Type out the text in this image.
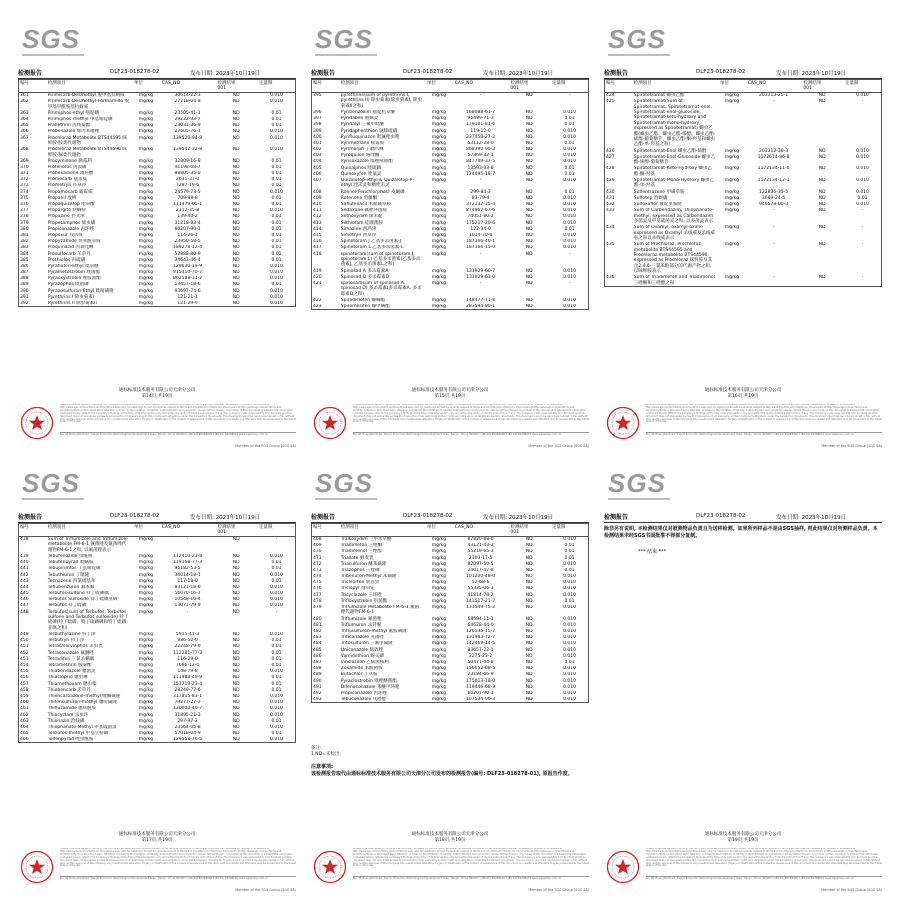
SGS
检测报告	DLF23-018278-02	发布日期: 2023年10月19日
编号	检测项目	单位	CAS_NO	检测结果
001	定量限
361	Pirimicarb-Desmethyl 脱甲基抗蚜威	mg/kg	30614-22-3	ND	0.010
362	Pirimicarb-Desmethyl-Formamido 脱甲基甲酰胺基抗蚜威	mg/kg	27218-04-8	ND	0.010
363	Pirimiphos-ethyl 嘧啶磷	mg/kg	23505-41-1	ND	0.01
364	Pirimiphos-methyl 甲基嘧啶磷	mg/kg	29232-93-7	ND	0.01
365	Prallethrin 丙炔菊酯	mg/kg	23031-36-9	ND	0.01
366	Probenazole 烯丙苯噻唑	mg/kg	27605-76-1	ND	0.010
367	Prochloraz Metabolite BTS44595 咪鲜胺-胺类代谢物	mg/kg	139520-94-8	ND	0.010
368	Prochloraz Metabolite BTS44596 咪鲜胺-脲类代谢物	mg/kg	139542-32-8	ND	0.010
369	Procymidone 腐霉利	mg/kg	32809-16-8	ND	0.01
370	Profenofos 丙溴磷	mg/kg	41198-08-7	ND	0.01
371	Prohexadione 调环酸	mg/kg	88805-35-0	ND	0.01
372	Promecarb 猛杀威	mg/kg	2631-37-0	ND	0.01
373	Prometryn 扑草净	mg/kg	7287-19-6	ND	0.01
374	Propamocarb 霜霉威	mg/kg	24579-73-5	ND	0.010
375	Propanil 敌稗	mg/kg	709-98-8	ND	0.01
376	Propaquizafop 噁草酸	mg/kg	111479-05-1	ND	0.01
377	Propargite 炔螨特	mg/kg	2312-35-8	ND	0.010
378	Propazine 扑灭津	mg/kg	139-40-2	ND	0.01
379	Propetamphos 烯虫磷	mg/kg	31218-83-4	ND	0.01
380	Propiconazole 丙环唑	mg/kg	60207-90-1	ND	0.01
381	Propoxur 残杀威	mg/kg	114-26-1	ND	0.01
382	Propyzamide 炔苯酰草胺	mg/kg	23950-58-5	ND	0.01
383	Proquinazid 丙氧喹啉	mg/kg	189278-12-4	ND	0.01
384	Prosulfocarb 苄草丹	mg/kg	52888-80-9	ND	0.01
385	Prothiofos 丙硫磷	mg/kg	34643-46-4	ND	0.01
386	Pyraflufen-Ethyl 吡草醚	mg/kg	129630-19-9	ND	0.010
387	Pyrametostrobin 唑菌酯	mg/kg	915410-70-7	ND	0.010
388	Pyraoxystrobin 唑胺菌酯	mg/kg	862588-11-2	ND	0.010
389	Pyrazophos 吡菌磷	mg/kg	13457-18-6	ND	0.01
390	Pyrazosulfuron-Ethyl 吡嘧磺隆	mg/kg	93697-74-6	ND	0.010
391	Pyrethrins I 除虫菊素I	mg/kg	121-21-1	ND	0.010
392	Pyrethrins II 除虫菊素II	mg/kg	121-29-9	ND	0.010
通标标准技术服务有限公司天津分公司
第14页,共19页
Unless otherwise agreed in writing, this document is issued by the Company subject to its General Conditions of Service printed overleaf, available on request or accessible at http://www.sgs.com/en/Terms-and-Conditions.aspx and, for electronic format documents, subject to Terms and Conditions for Electronic Documents at http://www.sgs.com/en/Terms-and-Conditions/Terms-e-Document.aspx. Attention is drawn to the limitation of liability, indemnification and jurisdiction issues defined therein. Any holder of this document is advised that information contained hereon reflects the Company's findings at the time of its intervention only and within the limits of Client's instructions, if any. The Company's sole responsibility is to its Client and this document does not exonerate parties to a transaction from exercising all their rights and obligations under the transaction documents. This document cannot be reproduced except in full, without prior written approval of the Company. Any unauthorized alteration, forgery or falsification of the content or appearance of this document is unlawful and offenders may be prosecuted to the fullest extent of the law.
No. 41 Huanghai Road, Tianjin Economic-Technological Development Area, Tianjin, China 300457 t (86-22) 65288000 f (86-22) 65288001 www.sgsgroup.com.cn
Member of the SGS Group (SGS SA)
SGS
检测报告	DLF23-018278-02	发布日期: 2023年10月19日
编号	检测项目	单位	CAS_NO	检测结果
001	定量限
395	pyrethrins(sum of pyrethrins I, pyrethrins II) 除虫菊素(除虫菊素I, 除虫菊素II之和)	mg/kg	-	ND	-
396	Pyribenzoxim 嘧啶肟草醚	mg/kg	168088-61-7	ND	0.010
397	Pyridaben 哒螨灵	mg/kg	96489-71-3	ND	0.01
398	Pyridalyl 三氟甲吡醚	mg/kg	179101-81-6	ND	0.01
399	Pyridaphenthion 哒嗪硫磷	mg/kg	119-12-0	ND	0.010
400	Pyrifluquinazon 吡氟喹虫唑	mg/kg	337458-27-2	ND	0.010
401	Pyrimethanil 嘧霉胺	mg/kg	53112-28-0	ND	0.01
402	Pyrimorph 丁吡吗啉	mg/kg	868390-90-3	ND	0.010
403	Pyroquilon 咯喹酮	mg/kg	57369-32-1	ND	0.010
404	Pyrisoxazole 吡唑嘧菌酯	mg/kg	847749-37-5	ND	0.010
405	Quinalphos 喹硫磷	mg/kg	13593-03-8	ND	0.01
406	Quinoxyfen 喹氧灵	mg/kg	124495-18-7	ND	0.01
407	Quizalofop-ethyl & Quizalofop-P-ethyl 喹禾灵和精喹禾灵	mg/kg	-	ND	0.010
408	Ronnel(Fenchlorphos) 皮蝇磷	mg/kg	299-84-3	ND	0.01
409	Rotenone 鱼藤酮	mg/kg	83-79-4	ND	0.010
410	Saflufenacil 苯嘧磺草胺	mg/kg	372137-35-4	ND	0.010
411	Sedaxane 氟唑环菌胺	mg/kg	874967-67-6	ND	0.010
412	Sethoxydim 烯禾啶	mg/kg	74051-80-2	ND	0.010
413	Silthiofam 硅噻菌胺	mg/kg	175217-20-6	ND	0.010
414	Simazine 西玛津	mg/kg	122-34-9	ND	0.01
415	Simetryn 西草净	mg/kg	1014-70-6	ND	0.010
416	Spinetoram J 乙基多杀菌素-J	mg/kg	187166-40-1	ND	0.010
417	Spinetoram L 乙基多杀菌素-L	mg/kg	187166-15-0	ND	0.010
418	spinetoram(sum of spinetoram J, spinetoram L) 乙基多杀菌素(乙基多杀菌素J, 乙基多杀菌素L之和)	mg/kg	-	ND	-
419	Spinosad A 多杀霉素A	mg/kg	131929-60-7	ND	0.010
420	Spinosad D 多杀霉素D	mg/kg	131929-63-0	ND	0.010
421	spinosad(sum of spinosad A, spinosad D) 多杀霉素(多杀霉素A, 多杀霉素D之和)	mg/kg	-	ND	-
422	Spirodiclofen 螺螨酯	mg/kg	148477-71-8	ND	0.010
423	Spiromesifen 螺甲螨酯	mg/kg	283594-90-1	ND	0.010
通标标准技术服务有限公司天津分公司
第15页,共19页
Unless otherwise agreed in writing, this document is issued by the Company subject to its General Conditions of Service printed overleaf, available on request or accessible at http://www.sgs.com/en/Terms-and-Conditions.aspx and, for electronic format documents, subject to Terms and Conditions for Electronic Documents at http://www.sgs.com/en/Terms-and-Conditions/Terms-e-Document.aspx. Attention is drawn to the limitation of liability, indemnification and jurisdiction issues defined therein. Any holder of this document is advised that information contained hereon reflects the Company's findings at the time of its intervention only and within the limits of Client's instructions, if any. The Company's sole responsibility is to its Client and this document does not exonerate parties to a transaction from exercising all their rights and obligations under the transaction documents. This document cannot be reproduced except in full, without prior written approval of the Company. Any unauthorized alteration, forgery or falsification of the content or appearance of this document is unlawful and offenders may be prosecuted to the fullest extent of the law.
No. 41 Huanghai Road, Tianjin Economic-Technological Development Area, Tianjin, China 300457 t (86-22) 65288000 f (86-22) 65288001 www.sgsgroup.com.cn
Member of the SGS Group (SGS SA)
SGS
检测报告	DLF23-018278-02	发布日期: 2023年10月19日
编号	检测项目	单位	CAS_NO	检测结果
001	定量限
424	Spirotetramat 螺虫乙酯	mg/kg	203313-25-1	ND	0.010
425	Spirotetramat(Sum of Spirotetramat, Spirotetramat-enol, Spirotetramat-enol-glucoside, Spirotetramat-keto-hydroxy and Spirotetramat-mono-hydroxy, expressed as Spirotetramat) 螺虫乙酯(螺虫乙酯、螺虫乙酯-烯醇、螺虫乙酯-烯醇-葡萄糖苷、螺虫乙酯-酮-羟基和螺虫乙酯-单-羟基之和)	mg/kg	-	ND	-
426	Spirotetramat-Enol 螺虫乙酯-烯醇	mg/kg	203312-38-3	ND	0.010
427	Spirotetramat-Enol-Glucoside 螺虫乙酯-烯醇-葡萄糖苷	mg/kg	1172614-86-8	ND	0.010
428	Spirotetramat-Keto-Hydroxy 螺虫乙酯-酮-羟基	mg/kg	1172134-11-0	ND	0.010
429	Spirotetramat-Mono-Hydroxy 螺虫乙酯-单-羟基	mg/kg	1172134-12-1	ND	0.010
430	Sulfentrazone 甲磺草胺	mg/kg	122836-35-5	ND	0.010
431	Sulfotep 治螟磷	mg/kg	3689-24-5	ND	0.01
432	Sulfoxaflor 氟啶虫胺腈	mg/kg	946578-00-3	ND	0.010
433	Sum of Carbendazim, Thiophanate-methyl, expressed as Carbendazim 多菌灵及甲基硫菌灵之和, 以多菌灵表示	mg/kg	-	ND	-
434	Sum of Oxamyl, oxamyl-oxime expressed as Oxamyl 杀线威及杀线威肟之和以杀线威表示	mg/kg	-	ND	-
435	Sum of Prochloraz, Prochloraz metabolite BTS44595 and Prochloraz metabolite BTS44596, expressed as Prochloraz 咪鲜胺及其含2,4,6-三氯苯酚部分的代谢产物之和, 以咪鲜胺表示	mg/kg	-	ND	-
436	Sum of Triadimefon and Triadimenol 三唑酮和三唑醇之和	mg/kg	-	ND	-
通标标准技术服务有限公司天津分公司
第16页,共19页
Unless otherwise agreed in writing, this document is issued by the Company subject to its General Conditions of Service printed overleaf, available on request or accessible at http://www.sgs.com/en/Terms-and-Conditions.aspx and, for electronic format documents, subject to Terms and Conditions for Electronic Documents at http://www.sgs.com/en/Terms-and-Conditions/Terms-e-Document.aspx. Attention is drawn to the limitation of liability, indemnification and jurisdiction issues defined therein. Any holder of this document is advised that information contained hereon reflects the Company's findings at the time of its intervention only and within the limits of Client's instructions, if any. The Company's sole responsibility is to its Client and this document does not exonerate parties to a transaction from exercising all their rights and obligations under the transaction documents. This document cannot be reproduced except in full, without prior written approval of the Company. Any unauthorized alteration, forgery or falsification of the content or appearance of this document is unlawful and offenders may be prosecuted to the fullest extent of the law.
No. 41 Huanghai Road, Tianjin Economic-Technological Development Area, Tianjin, China 300457 t (86-22) 65288000 f (86-22) 65288001 www.sgsgroup.com.cn
Member of the SGS Group (SGS SA)
SGS
检测报告	DLF23-018278-02	发布日期: 2023年10月19日
编号	检测项目	单位	CAS_NO	检测结果
001	定量限
438	Sum of Triflumizole and Triflumizole metabolite FM-6-1 氟菌唑及氟菌唑代谢物FM-6-1之和, 以氟菌唑表示	mg/kg	-	ND	-
439	Tebufenozide 虫酰肼	mg/kg	112410-23-8	ND	0.010
440	Tebufenpyrad 吡螨胺	mg/kg	119168-77-3	ND	0.01
441	Tebupirimfos 丁基嘧啶磷	mg/kg	96182-53-5	ND	0.01
442	Tebuthiuron 丁噻隆	mg/kg	34014-18-1	ND	0.010
443	Tecnazene 四氯硝基苯	mg/kg	117-18-0	ND	0.01
444	Teflubenzuron 氟苯脲	mg/kg	83121-18-0	ND	0.010
445	Terbufos-sulfone 特丁硫磷砜	mg/kg	56070-16-7	ND	0.010
446	Terbufos Sulfoxide 特丁硫磷亚砜	mg/kg	10548-10-4	ND	0.010
447	Terbufos 特丁硫磷	mg/kg	13071-79-9	ND	0.010
448	Terbufos(sum of Terbufos, Terbufos sulfone and Terbufos sulfoxide) 特丁硫磷(特丁硫磷、特丁硫磷砜和特丁硫磷亚砜之和)	mg/kg	-	ND	-
449	Terbuthylazine 特丁津	mg/kg	5915-41-3	ND	0.010
450	Terbutryn 特丁净	mg/kg	886-50-0	ND	0.01
451	Tetrachlorvinphos 杀虫畏	mg/kg	22248-79-9	ND	0.01
452	Tetraconazole 氟醚唑	mg/kg	112281-77-3	ND	0.01
453	Tetradifon 三氯杀螨砜	mg/kg	116-29-0	ND	0.01
454	Tetramethrin 胺菊酯	mg/kg	7696-12-0	ND	0.01
455	Thiabendazole 噻菌灵	mg/kg	148-79-8	ND	0.010
456	Thiacloprid 噻虫啉	mg/kg	111988-49-9	ND	0.01
457	Thiamethoxam 噻虫嗪	mg/kg	153719-23-4	ND	0.01
458	Thiobencarb 禾草丹	mg/kg	28249-77-6	ND	0.01
459	Thiencarbazone-methyl 噻酮磺隆	mg/kg	317815-83-1	ND	0.010
460	Thifensulfuron-methyl 噻吩磺隆	mg/kg	79277-27-3	ND	0.010
461	Thifluzamide 噻呋酰胺	mg/kg	130000-40-7	ND	0.010
462	Thiocyclam 杀虫环	mg/kg	31895-21-3	ND	0.010
463	Thionazin 治线磷	mg/kg	297-97-2	ND	0.01
464	Thiophanate-Methyl 甲基硫菌灵	mg/kg	23564-05-8	ND	0.010
465	Tolclofos-methyl 甲基立枯磷	mg/kg	57018-04-9	ND	0.01
466	Tolfenpyrad 唑虫酰胺	mg/kg	129558-76-5	ND	0.010
通标标准技术服务有限公司天津分公司
第17页,共19页
Unless otherwise agreed in writing, this document is issued by the Company subject to its General Conditions of Service printed overleaf, available on request or accessible at http://www.sgs.com/en/Terms-and-Conditions.aspx and, for electronic format documents, subject to Terms and Conditions for Electronic Documents at http://www.sgs.com/en/Terms-and-Conditions/Terms-e-Document.aspx. Attention is drawn to the limitation of liability, indemnification and jurisdiction issues defined therein. Any holder of this document is advised that information contained hereon reflects the Company's findings at the time of its intervention only and within the limits of Client's instructions, if any. The Company's sole responsibility is to its Client and this document does not exonerate parties to a transaction from exercising all their rights and obligations under the transaction documents. This document cannot be reproduced except in full, without prior written approval of the Company. Any unauthorized alteration, forgery or falsification of the content or appearance of this document is unlawful and offenders may be prosecuted to the fullest extent of the law.
No. 41 Huanghai Road, Tianjin Economic-Technological Development Area, Tianjin, China 300457 t (86-22) 65288000 f (86-22) 65288001 www.sgsgroup.com.cn
Member of the SGS Group (SGS SA)
SGS
检测报告	DLF23-018278-02	发布日期: 2023年10月19日
编号	检测项目	单位	CAS_NO	检测结果
001	定量限
468	Tralkoxydim 三甲苯草酮	mg/kg	87820-88-0	ND	0.010
469	Triadimefon 三唑酮	mg/kg	43121-43-3	ND	0.01
470	Triadimenol 三唑醇	mg/kg	55219-65-3	ND	0.01
471	Triallate 野麦畏	mg/kg	2303-17-5	ND	0.01
472	Triasulfuron 醚苯磺隆	mg/kg	82097-50-5	ND	0.010
473	Triazophos 三唑磷	mg/kg	24017-47-8	ND	0.01
474	Tribenuron-Methyl 苯磺隆	mg/kg	101200-48-0	ND	0.010
475	Trichlorfon 敌百虫	mg/kg	52-68-6	ND	0.010
476	Triclopyr 绿草定	mg/kg	55335-06-3	ND	0.010
477	Tricyclazole 三环唑	mg/kg	41814-78-2	ND	0.010
478	Trifloxystrobin 肟菌酯	mg/kg	141517-21-7	ND	0.01
479	Triflumizole Metabolite FM-6-1 氟菌唑代谢物FM-6-1	mg/kg	131549-75-2	ND	0.010
480	Triflumizole 氟菌唑	mg/kg	68694-11-1	ND	0.010
481	Triflumuron 杀铃脲	mg/kg	64628-44-0	ND	0.010
482	Triflusulfuron-methyl 氟胺磺隆	mg/kg	126535-15-7	ND	0.010
483	Triticonazole 灭菌唑	mg/kg	131983-72-7	ND	0.010
484	Tritosulfuron 三氟甲磺隆	mg/kg	142469-14-5	ND	0.010
485	Uniconazole 烯效唑	mg/kg	83657-22-1	ND	0.010
486	Vamidothion 蚜灭磷	mg/kg	2275-23-2	ND	0.010
487	Vinclozolin 乙烯菌核利	mg/kg	50471-44-8	ND	0.01
488	Zoxamide 苯酰菌胺	mg/kg	156052-68-5	ND	0.010
489	Butachlor 丁草胺	mg/kg	23184-66-9	ND	0.010
490	Pyraclostrobin 吡唑醚菌酯	mg/kg	175013-18-0	ND	0.010
491	Difenoconazole 苯醚甲环唑	mg/kg	119446-68-3	ND	0.010
492	Propiconazole 丙环唑	mg/kg	60207-90-1	ND	0.010
493	Tebuconazole 戊唑醇	mg/kg	107534-96-3	ND	0.010
备注:
1.ND=未检出
注意事项:
该检测报告取代由通标标准技术服务有限公司天津分公司发布的检测报告(编号: DLF23-018278-01), 原报告作废。
通标标准技术服务有限公司天津分公司
第18页,共19页
Unless otherwise agreed in writing, this document is issued by the Company subject to its General Conditions of Service printed overleaf, available on request or accessible at http://www.sgs.com/en/Terms-and-Conditions.aspx and, for electronic format documents, subject to Terms and Conditions for Electronic Documents at http://www.sgs.com/en/Terms-and-Conditions/Terms-e-Document.aspx. Attention is drawn to the limitation of liability, indemnification and jurisdiction issues defined therein. Any holder of this document is advised that information contained hereon reflects the Company's findings at the time of its intervention only and within the limits of Client's instructions, if any. The Company's sole responsibility is to its Client and this document does not exonerate parties to a transaction from exercising all their rights and obligations under the transaction documents. This document cannot be reproduced except in full, without prior written approval of the Company. Any unauthorized alteration, forgery or falsification of the content or appearance of this document is unlawful and offenders may be prosecuted to the fullest extent of the law.
No. 41 Huanghai Road, Tianjin Economic-Technological Development Area, Tianjin, China 300457 t (86-22) 65288000 f (86-22) 65288001 www.sgsgroup.com.cn
Member of the SGS Group (SGS SA)
SGS
检测报告	DLF23-018278-02	发布日期: 2023年10月19日
除非另有说明, 本检测结果仅对被测物品负责且为送样检测。如果所列样品不是由SGS抽样, 则此结果仅对所测样品负责。本检测结果未经SGS书面批准不得部分复制。
*** 结束 ***
通标标准技术服务有限公司天津分公司
第19页,共19页
Unless otherwise agreed in writing, this document is issued by the Company subject to its General Conditions of Service printed overleaf, available on request or accessible at http://www.sgs.com/en/Terms-and-Conditions.aspx and, for electronic format documents, subject to Terms and Conditions for Electronic Documents at http://www.sgs.com/en/Terms-and-Conditions/Terms-e-Document.aspx. Attention is drawn to the limitation of liability, indemnification and jurisdiction issues defined therein. Any holder of this document is advised that information contained hereon reflects the Company's findings at the time of its intervention only and within the limits of Client's instructions, if any. The Company's sole responsibility is to its Client and this document does not exonerate parties to a transaction from exercising all their rights and obligations under the transaction documents. This document cannot be reproduced except in full, without prior written approval of the Company. Any unauthorized alteration, forgery or falsification of the content or appearance of this document is unlawful and offenders may be prosecuted to the fullest extent of the law.
No. 41 Huanghai Road, Tianjin Economic-Technological Development Area, Tianjin, China 300457 t (86-22) 65288000 f (86-22) 65288001 www.sgsgroup.com.cn
Member of the SGS Group (SGS SA)
